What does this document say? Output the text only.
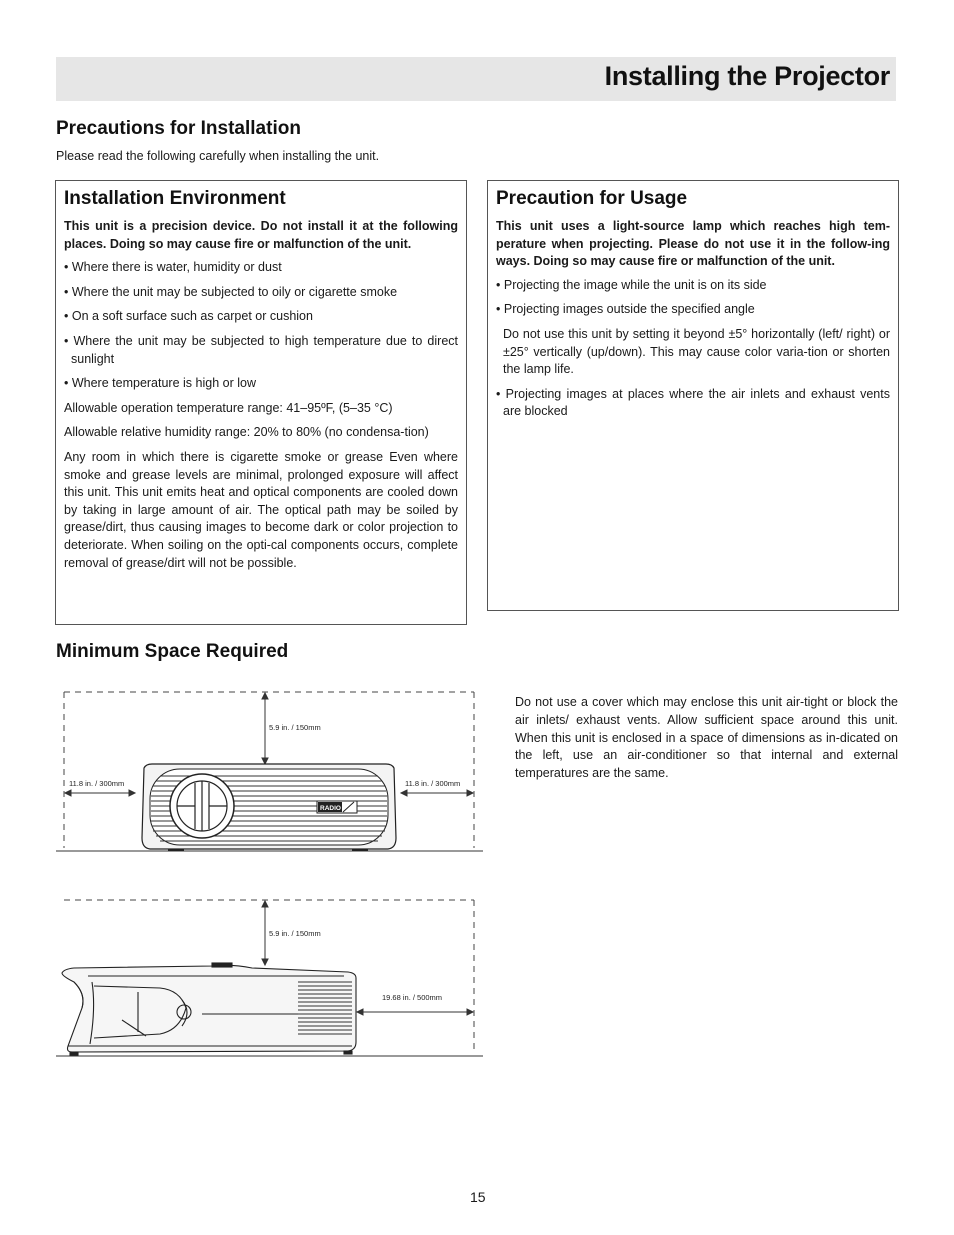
Installing the Projector
Precautions for Installation
Please read the following carefully when installing the unit.
Installation Environment
This unit is a precision device. Do not install it at the following places. Doing so may cause fire or malfunction of the unit.
• Where there is water, humidity or dust
• Where the unit may be subjected to oily or cigarette smoke
• On a soft surface such as carpet or cushion
• Where the unit may be subjected to high temperature due to direct sunlight
• Where temperature is high or low

Allowable operation temperature range: 41–95ºF, (5–35 °C)

Allowable relative humidity range: 20% to 80% (no condensa-tion)

Any room in which there is cigarette smoke or grease Even where smoke and grease levels are minimal, prolonged exposure will affect this unit. This unit emits heat and optical components are cooled down by taking in large amount of air. The optical path may be soiled by grease/dirt, thus causing images to become dark or color projection to deteriorate. When soiling on the opti-cal components occurs, complete removal of grease/dirt will not be possible.

Precaution for Usage
This unit uses a light-source lamp which reaches high tem-perature when projecting. Please do not use it in the follow-ing ways. Doing so may cause fire or malfunction of the unit.
• Projecting the image while the unit is on its side
• Projecting images outside the specified angle

Do not use this unit by setting it beyond ±5° horizontally (left/ right) or ±25° vertically (up/down). This may cause color varia-tion or shorten the lamp life.

• Projecting images at places where the air inlets and exhaust vents are blocked
Minimum Space Required
5.9 in. / 150mm
11.8 in. / 300mm	11.8 in. / 300mm
RADIO
5.9 in. / 150mm
19.68 in. / 500mm

Do not use a cover which may enclose this unit air-tight or block the air inlets/ exhaust vents. Allow sufficient space around this unit. When this unit is enclosed in a space of dimensions as in-dicated on the left, use an air-conditioner so that internal and external temperatures are the same.

15
